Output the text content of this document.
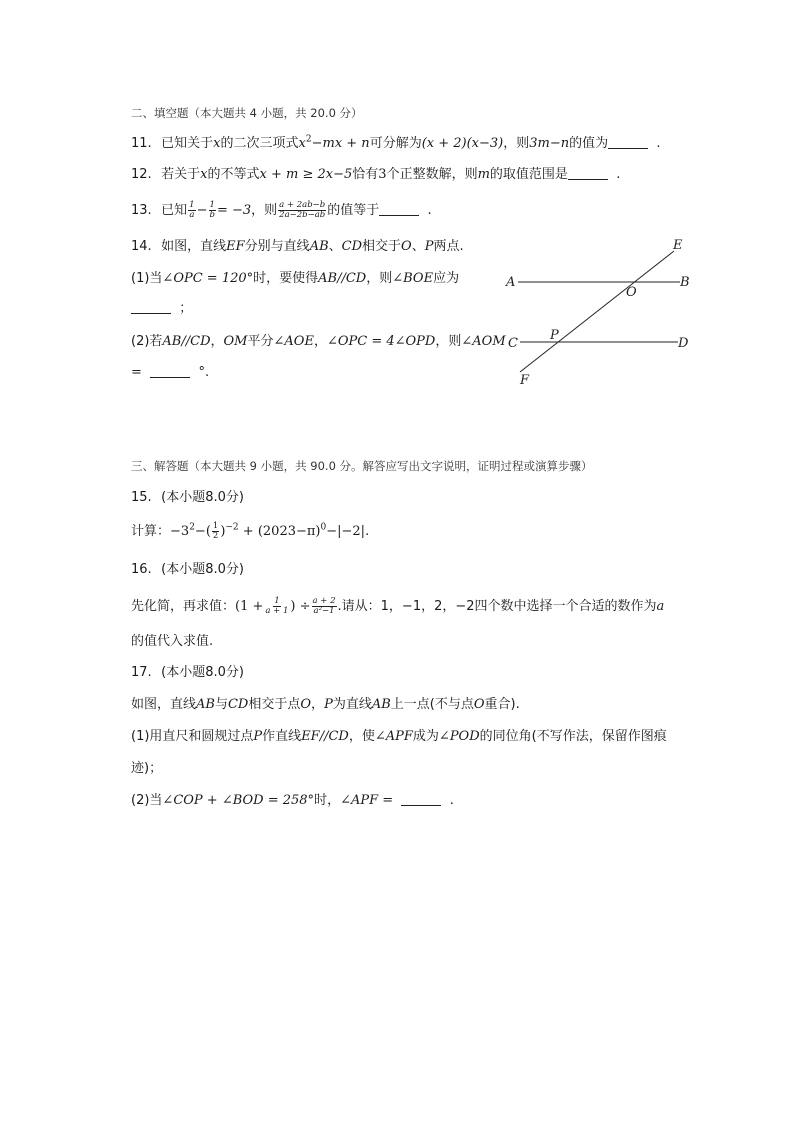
二、填空题（本大题共 4 小题，共 20.0 分）
11. 已知关于x的二次三项式$x^2-mx + n$可分解为(x + 2)(x−3)，则3m−n的值为	.
12. 若关于x的不等式x + m ≥ 2x−5恰有3个正整数解，则m的取值范围是	.
13. 已知 $\frac{1}{a} - \frac{1}{b} = -3$，则 $\frac{a + 2ab-b}{2a-2b-ab}$ 的值等于	.
14. 如图，直线EF分别与直线AB、CD相交于O、P两点.
(1)当∠OPC = 120°时，要使得AB//CD，则∠BOE应为
；
(2)若AB//CD，OM平分∠AOE，∠OPC = 4∠OPD，则∠AOM
=	°.
E
A
O
B
C
P
D
F
三、解答题（本大题共 9 小题，共 90.0 分。解答应写出文字说明，证明过程或演算步骤）
15. (本小题8.0分)
计算：$-3^2-( \frac{1}{2} )^{-2} + (2023-\pi)^0-|-2|$.
16. (本小题8.0分)
先化简，再求值：($1 + \frac{1}{a + 1}$ ) ÷ $\frac{a + 2}{\text{a²−1}}$ .请从：1，−1，2，−2四个数中选择一个合适的数作为a
的值代入求值.
17. (本小题8.0分)
如图，直线AB与CD相交于点O，P为直线AB上一点(不与点O重合).
(1)用直尺和圆规过点P作直线EF//CD，使∠APF成为∠POD的同位角(不写作法，保留作图痕
迹)；
(2)当∠COP + ∠BOD = 258°时，∠APF =	.
